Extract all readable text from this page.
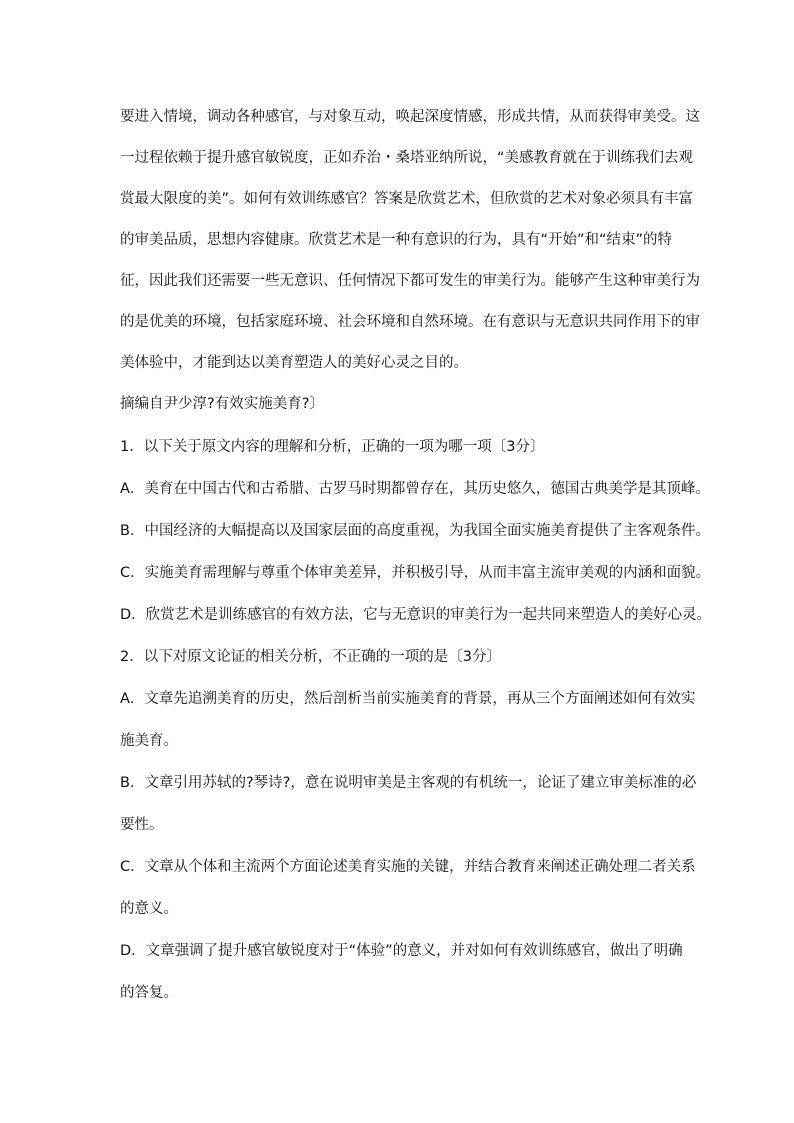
要进入情境，调动各种感官，与对象互动，唤起深度情感，形成共情，从而获得审美受。这
一过程依赖于提升感官敏锐度，正如乔治・桑塔亚纳所说，“美感教育就在于训练我们去观
赏最大限度的美”。如何有效训练感官？答案是欣赏艺术，但欣赏的艺术对象必须具有丰富
的审美品质，思想内容健康。欣赏艺术是一种有意识的行为，具有“开始”和“结束”的特
征，因此我们还需要一些无意识、任何情况下都可发生的审美行为。能够产生这种审美行为
的是优美的环境，包括家庭环境、社会环境和自然环境。在有意识与无意识共同作用下的审
美体验中，才能到达以美育塑造人的美好心灵之目的。
摘编自尹少淳?有效实施美育?〕
1．以下关于原文内容的理解和分析，正确的一项为哪一项〔3分〕
A．美育在中国古代和古希腊、古罗马时期都曾存在，其历史悠久，德国古典美学是其顶峰。
B．中国经济的大幅提高以及国家层面的高度重视，为我国全面实施美育提供了主客观条件。
C．实施美育需理解与尊重个体审美差异，并积极引导，从而丰富主流审美观的内涵和面貌。
D．欣赏艺术是训练感官的有效方法，它与无意识的审美行为一起共同来塑造人的美好心灵。
2．以下对原文论证的相关分析，不正确的一项的是〔3分〕
A．文章先追溯美育的历史，然后剖析当前实施美育的背景，再从三个方面阐述如何有效实
施美育。
B．文章引用苏轼的?琴诗?，意在说明审美是主客观的有机统一，论证了建立审美标准的必
要性。
C．文章从个体和主流两个方面论述美育实施的关键，并结合教育来阐述正确处理二者关系
的意义。
D．文章强调了提升感官敏锐度对于“体验”的意义，并对如何有效训练感官，做出了明确
的答复。
